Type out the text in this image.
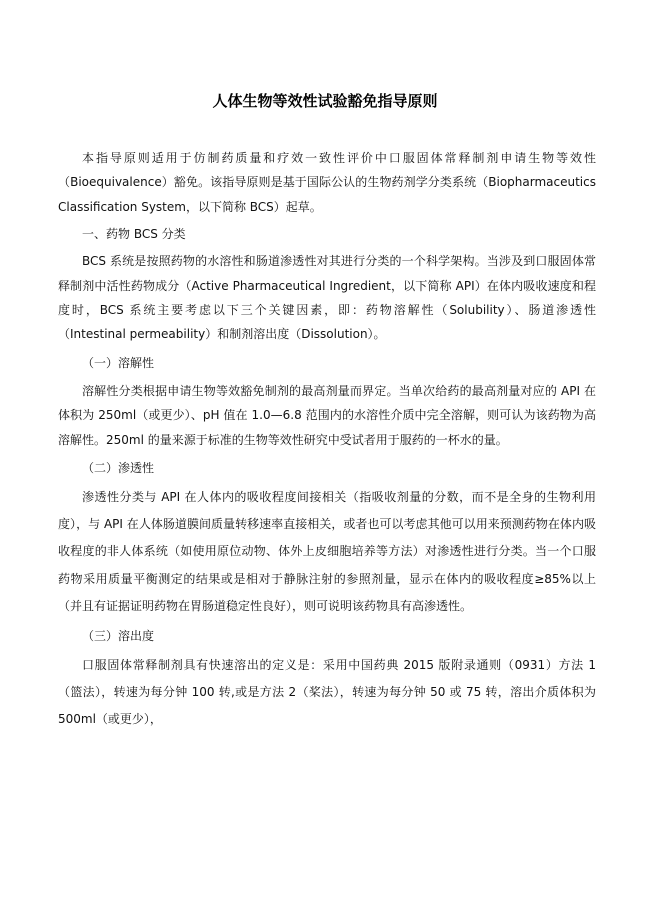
人体生物等效性试验豁免指导原则

本指导原则适用于仿制药质量和疗效一致性评价中口服固体常释制剂申请生物等效性（Bioequivalence）豁免。该指导原则是基于国际公认的生物药剂学分类系统（Biopharmaceutics Classification System，以下简称 BCS）起草。

一、药物 BCS 分类

BCS 系统是按照药物的水溶性和肠道渗透性对其进行分类的一个科学架构。当涉及到口服固体常释制剂中活性药物成分（Active Pharmaceutical Ingredient，以下简称 API）在体内吸收速度和程度时，BCS 系统主要考虑以下三个关键因素，即：药物溶解性（Solubility）、肠道渗透性（Intestinal permeability）和制剂溶出度（Dissolution）。

（一）溶解性

溶解性分类根据申请生物等效豁免制剂的最高剂量而界定。当单次给药的最高剂量对应的 API 在体积为 250ml（或更少）、pH 值在 1.0—6.8 范围内的水溶性介质中完全溶解，则可认为该药物为高溶解性。250ml 的量来源于标准的生物等效性研究中受试者用于服药的一杯水的量。

（二）渗透性

渗透性分类与 API 在人体内的吸收程度间接相关（指吸收剂量的分数，而不是全身的生物利用度），与 API 在人体肠道膜间质量转移速率直接相关，或者也可以考虑其他可以用来预测药物在体内吸收程度的非人体系统（如使用原位动物、体外上皮细胞培养等方法）对渗透性进行分类。当一个口服药物采用质量平衡测定的结果或是相对于静脉注射的参照剂量，显示在体内的吸收程度≥85%以上（并且有证据证明药物在胃肠道稳定性良好），则可说明该药物具有高渗透性。

（三）溶出度

口服固体常释制剂具有快速溶出的定义是：采用中国药典 2015 版附录通则（0931）方法 1 （篮法），转速为每分钟 100 转,或是方法 2（桨法），转速为每分钟 50 或 75 转，溶出介质体积为 500ml（或更少），
